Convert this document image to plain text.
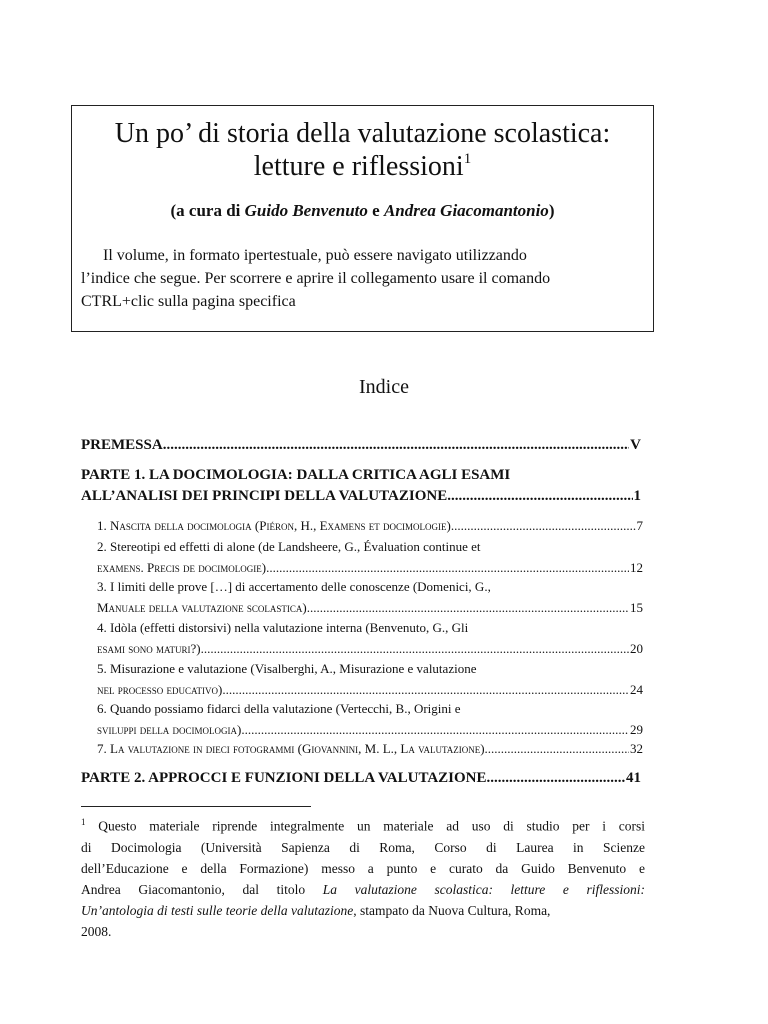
Un po’ di storia della valutazione scolastica:
letture e riflessioni$^1$
(a cura di Guido Benvenuto e Andrea Giacomantonio)
Il volume, in formato ipertestuale, può essere navigato utilizzando
l’indice che segue. Per scorrere e aprire il collegamento usare il comando
CTRL+clic sulla pagina specifica
Indice
PREMESSA .....	V
PARTE 1. LA DOCIMOLOGIA: DALLA CRITICA AGLI ESAMI
ALL’ANALISI DEI PRINCIPI DELLA VALUTAZIONE .....	1
1. Nascita della docimologia (Piéron, H., Examens et docimologie) .....	7
2. Stereotipi ed effetti di alone (de Landsheere, G., Évaluation continue et
examens. Precis de docimologie) .....	12
3. I limiti delle prove […] di accertamento delle conoscenze (Domenici, G.,
Manuale della valutazione scolastica) .....	15
4. Idòla (effetti distorsivi) nella valutazione interna (Benvenuto, G., Gli
esami sono maturi?) .....	20
5. Misurazione e valutazione (Visalberghi, A., Misurazione e valutazione
nel processo educativo) .....	24
6. Quando possiamo fidarci della valutazione (Vertecchi, B., Origini e
sviluppi della docimologia) .....	29
7. La valutazione in dieci fotogrammi (Giovannini, M. L., La valutazione) .....	32
PARTE 2. APPROCCI E FUNZIONI DELLA VALUTAZIONE .....	41
$^1$ Questo materiale riprende integralmente un materiale ad uso di studio per i corsi
di Docimologia (Università Sapienza di Roma, Corso di Laurea in Scienze
dell’Educazione e della Formazione) messo a punto e curato da Guido Benvenuto e
Andrea Giacomantonio, dal titolo La valutazione scolastica: letture e riflessioni:
Un’antologia di testi sulle teorie della valutazione, stampato da Nuova Cultura, Roma,
2008.
